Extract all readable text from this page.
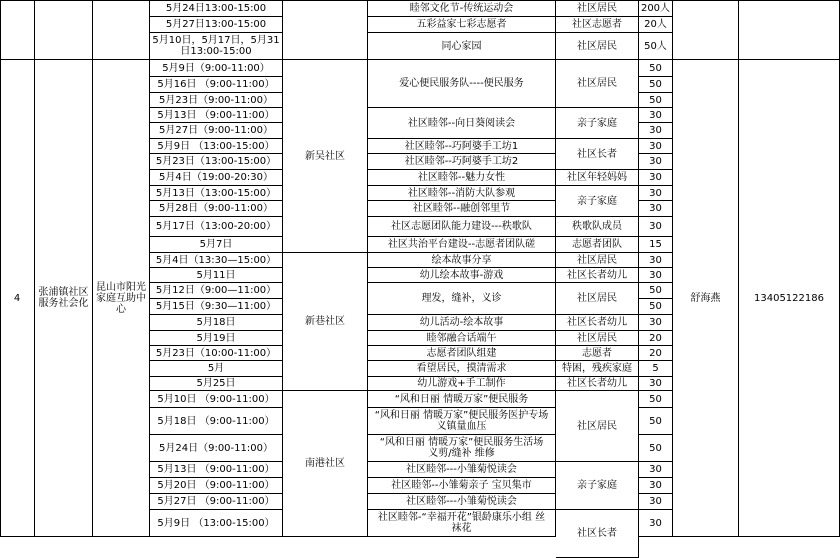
4	张浦镇社区服务社会化
昆山市阳光家庭互助中心
新吴社区
新巷社区
南港社区
舒海燕	13405122186
5月24日13:00-15:00
5月27日13:00-15:00
5月10日，5月17日，5月31日13:00-15:00
5月9日（9:00-11:00）
5月16日 （9:00-11:00）
5月23日（9:00-11:00）
5月13日 （9:00-11:00）
5月27日（9:00-11:00）
5月9日 （13:00-15:00）
5月23日（13:00-15:00）
5月4日（19:00-20:30）
5月13日（13:00-15:00）
5月28日（9:00-11:00）
5月17日（13:00-20:00）
5月7日
5月4日（13:30—15:00）
5月11日
5月12日（9:00—11:00）
5月15日（9:30—11:00）
5月18日
5月19日
5月23日（10:00-11:00）
5月
5月25日
5月10日 （9:00-11:00）
5月18日 （9:00-11:00）
5月24日（9:00-11:00）
5月13日 （9:00-11:00）
5月20日 （9:00-11:00）
5月27日 （9:00-11:00）
5月9日 （13:00-15:00）
睦邻文化节-传统运动会
五彩益家七彩志愿者
同心家园
爱心便民服务队----便民服务
社区睦邻--向日葵阅读会
社区睦邻--巧阿婆手工坊1
社区睦邻--巧阿婆手工坊2
社区睦邻--魅力女性
社区睦邻--消防大队参观
社区睦邻--融创邻里节
社区志愿团队能力建设---秩歌队
社区共治平台建设--志愿者团队磋
绘本故事分享
幼儿绘本故事-游戏
理发，缝补，义诊
幼儿活动-绘本故事
睦邻融合话端午
志愿者团队组建
看望居民，摸清需求
幼儿游戏+手工制作
“风和日丽 情暖万家”便民服务
“风和日丽 情暖万家”便民服务医护专场 义镇量血压
“风和日丽 情暖万家”便民服务生活场 义剪/缝补 维修
社区睦邻---小雏菊悦读会
社区睦邻--小雏菊亲子 宝贝集市
社区睦邻---小雏菊悦读会
社区睦邻-“幸福开花”银龄康乐小组 丝袜花
社区居民
社区志愿者
社区居民
社区居民
亲子家庭
社区长者
社区年轻妈妈
亲子家庭
秩歌队成员
志愿者团队
社区居民
社区长者幼儿
社区居民
社区长者幼儿
社区居民
志愿者
特困，残疾家庭
社区长者幼儿
社区居民
亲子家庭
社区长者
200人
20人
50人
50
50
50
30
30
30
30
30
30
30
30
15
30
30
50
50
30
20
20
5
30
50
50
50
30
30
30
30
